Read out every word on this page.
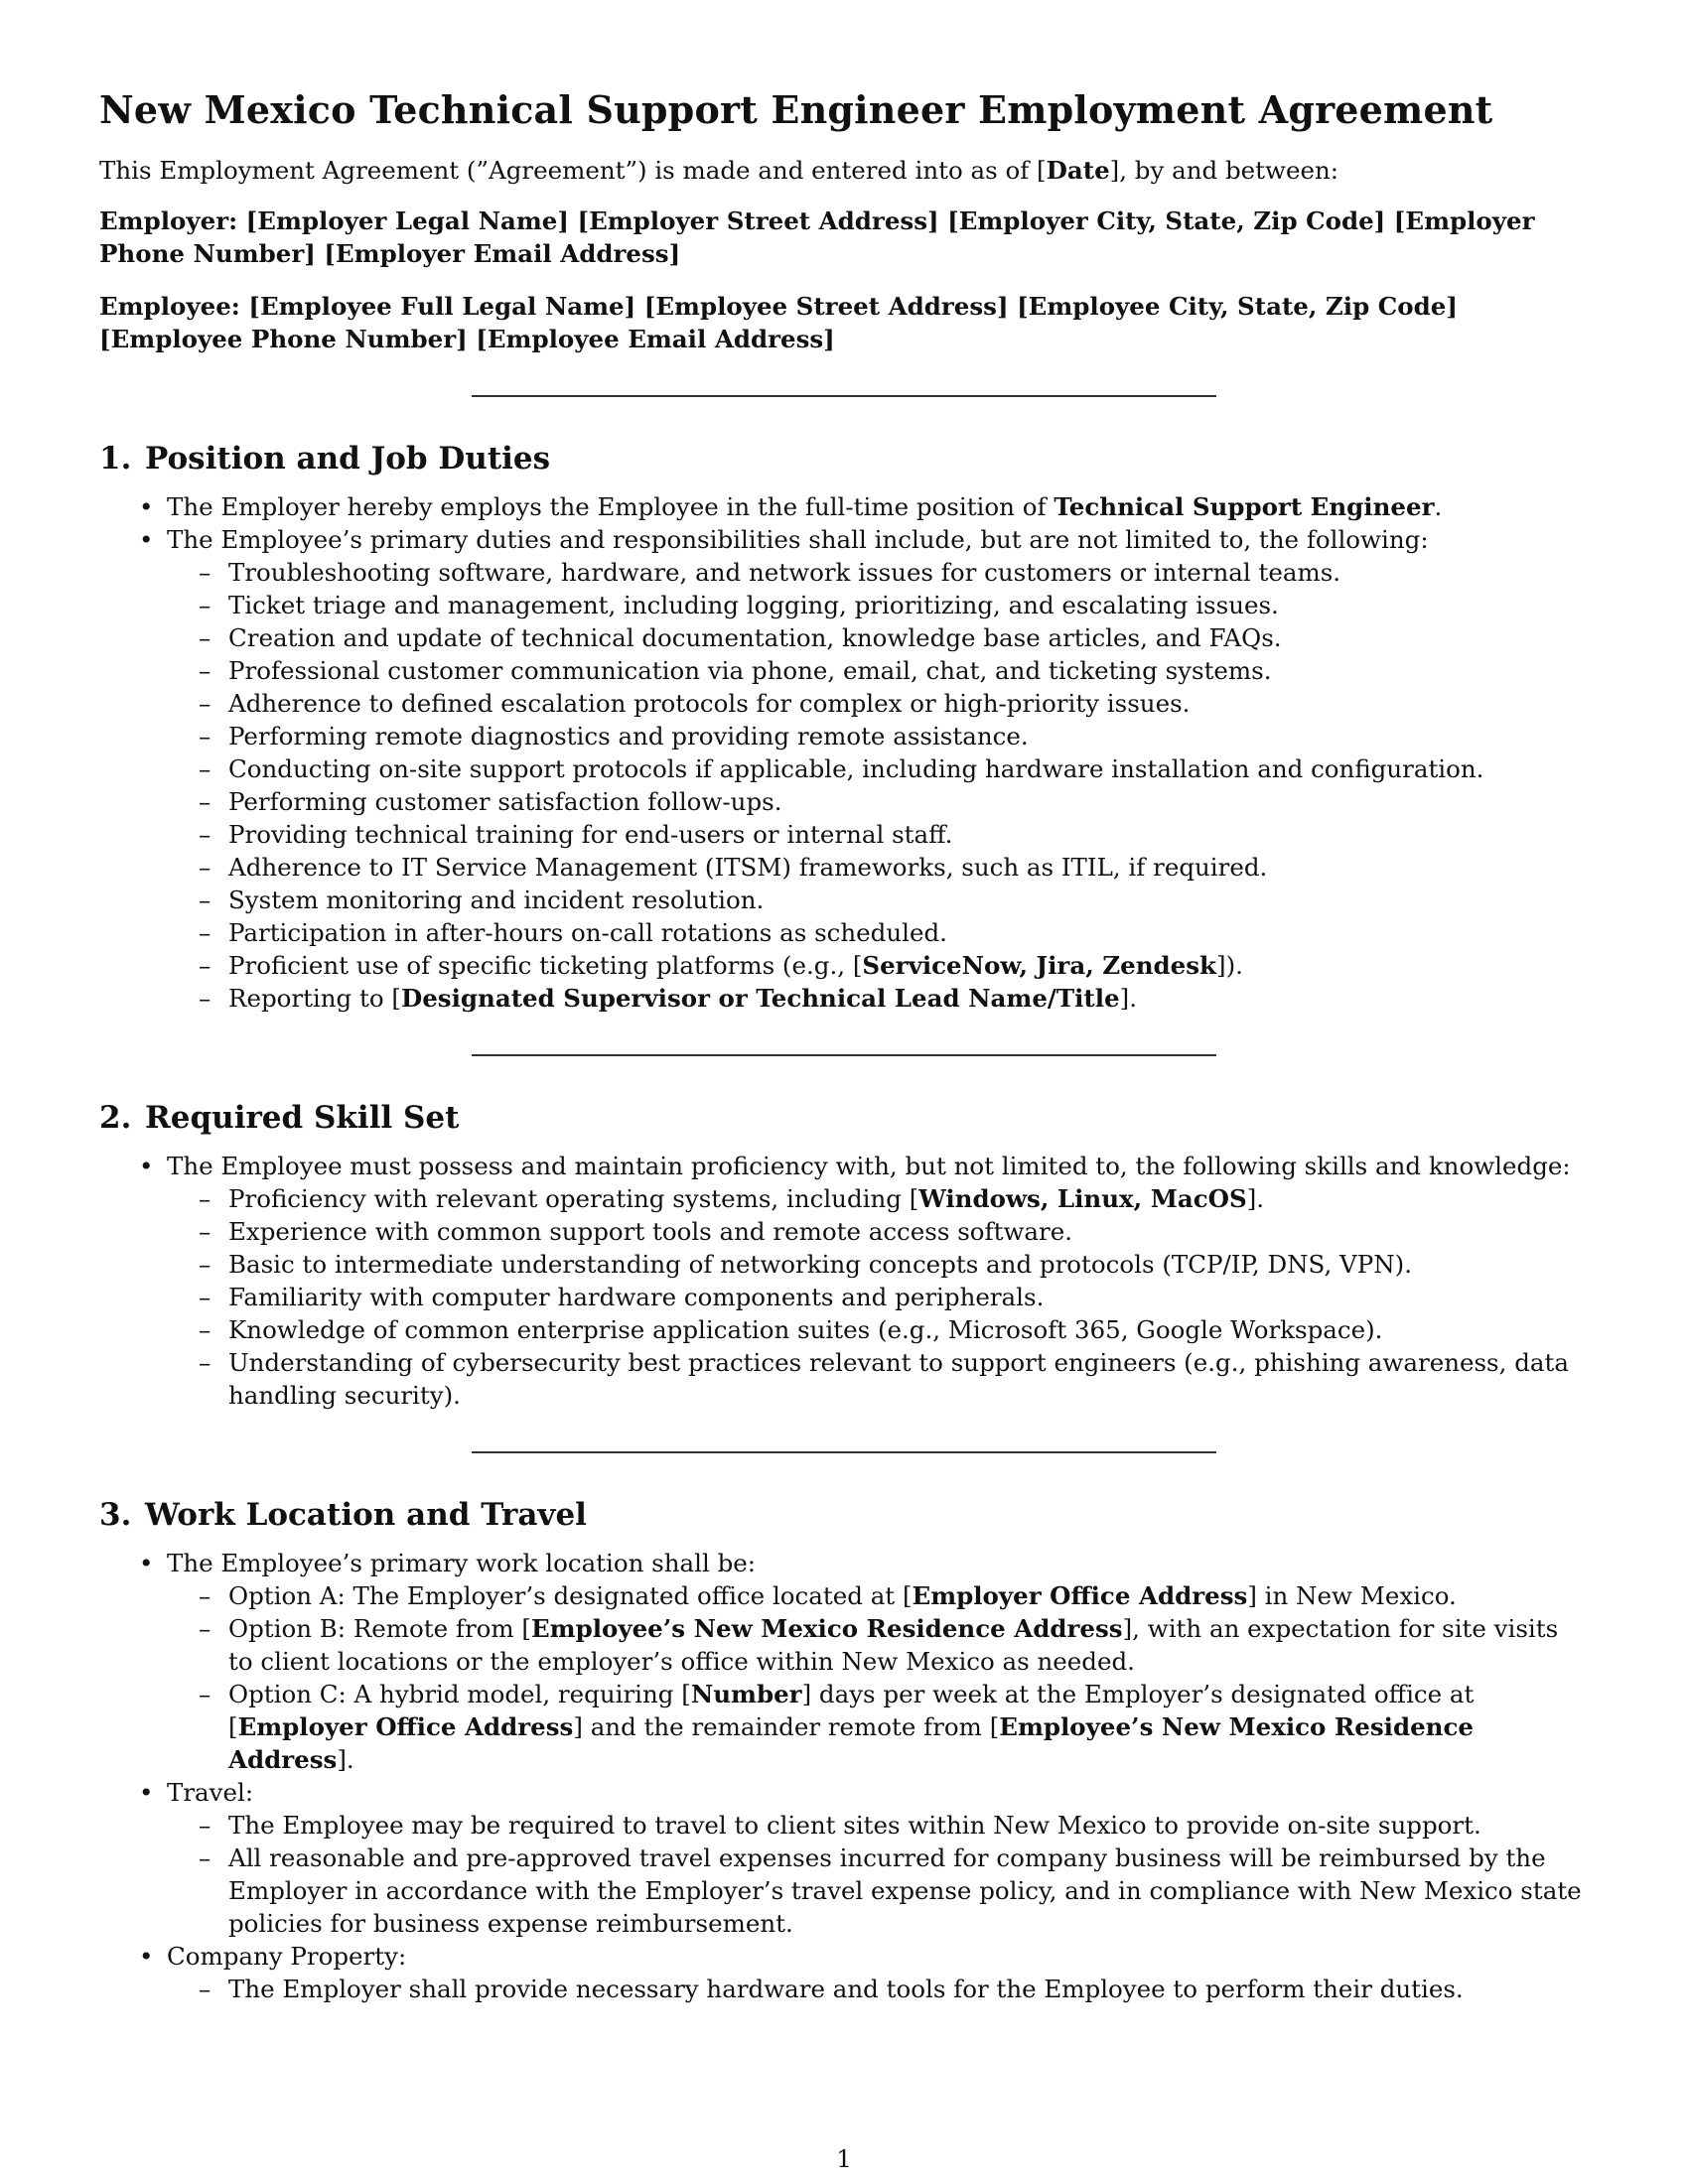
New Mexico Technical Support Engineer Employment Agreement

This Employment Agreement (”Agreement”) is made and entered into as of [Date], by and between:

Employer: [Employer Legal Name] [Employer Street Address] [Employer City, State, Zip Code] [Employer Phone Number] [Employer Email Address]

Employee: [Employee Full Legal Name] [Employee Street Address] [Employee City, State, Zip Code] [Employee Phone Number] [Employee Email Address]

1. Position and Job Duties
• The Employer hereby employs the Employee in the full-time position of Technical Support Engineer.
• The Employee’s primary duties and responsibilities shall include, but are not limited to, the following:
– Troubleshooting software, hardware, and network issues for customers or internal teams.
– Ticket triage and management, including logging, prioritizing, and escalating issues.
– Creation and update of technical documentation, knowledge base articles, and FAQs.
– Professional customer communication via phone, email, chat, and ticketing systems.
– Adherence to defined escalation protocols for complex or high-priority issues.
– Performing remote diagnostics and providing remote assistance.
– Conducting on-site support protocols if applicable, including hardware installation and configuration.
– Performing customer satisfaction follow-ups.
– Providing technical training for end-users or internal staff.
– Adherence to IT Service Management (ITSM) frameworks, such as ITIL, if required.
– System monitoring and incident resolution.
– Participation in after-hours on-call rotations as scheduled.
– Proficient use of specific ticketing platforms (e.g., [ServiceNow, Jira, Zendesk]).
– Reporting to [Designated Supervisor or Technical Lead Name/Title].
2. Required Skill Set
• The Employee must possess and maintain proficiency with, but not limited to, the following skills and knowledge:
– Proficiency with relevant operating systems, including [Windows, Linux, MacOS].
– Experience with common support tools and remote access software.
– Basic to intermediate understanding of networking concepts and protocols (TCP/IP, DNS, VPN).
– Familiarity with computer hardware components and peripherals.
– Knowledge of common enterprise application suites (e.g., Microsoft 365, Google Workspace).
– Understanding of cybersecurity best practices relevant to support engineers (e.g., phishing awareness, data handling security).
3. Work Location and Travel
• The Employee’s primary work location shall be:
– Option A: The Employer’s designated office located at [Employer Office Address] in New Mexico.
– Option B: Remote from [Employee’s New Mexico Residence Address], with an expectation for site visits to client locations or the employer’s office within New Mexico as needed.
– Option C: A hybrid model, requiring [Number] days per week at the Employer’s designated office at [Employer Office Address] and the remainder remote from [Employee’s New Mexico Residence Address].
• Travel:
– The Employee may be required to travel to client sites within New Mexico to provide on-site support.
– All reasonable and pre-approved travel expenses incurred for company business will be reimbursed by the Employer in accordance with the Employer’s travel expense policy, and in compliance with New Mexico state policies for business expense reimbursement.
• Company Property:
– The Employer shall provide necessary hardware and tools for the Employee to perform their duties.
1
